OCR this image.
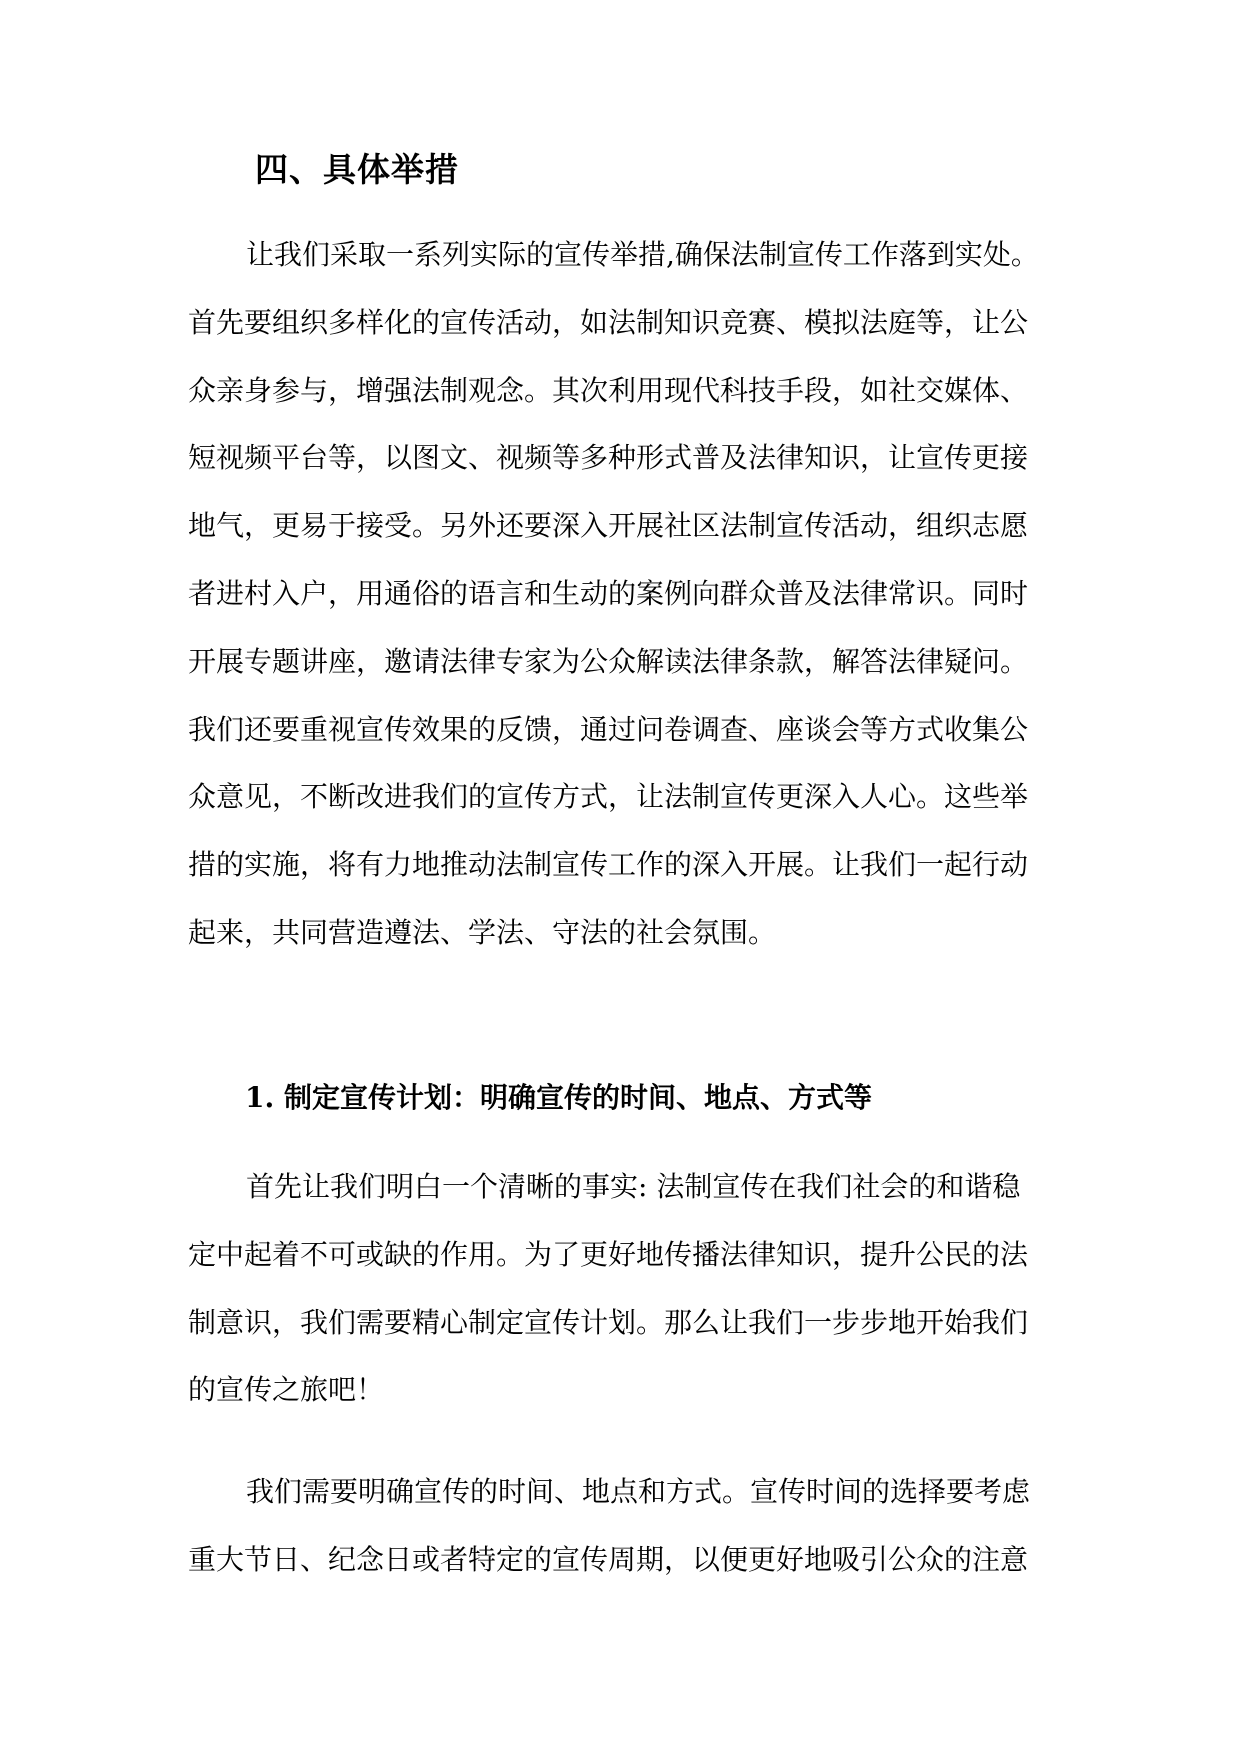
四、具体举措
让我们采取一系列实际的宣传举措,确保法制宣传工作落到实处。
首先要组织多样化的宣传活动，如法制知识竞赛、模拟法庭等，让公
众亲身参与，增强法制观念。其次利用现代科技手段，如社交媒体、
短视频平台等，以图文、视频等多种形式普及法律知识，让宣传更接
地气，更易于接受。另外还要深入开展社区法制宣传活动，组织志愿
者进村入户，用通俗的语言和生动的案例向群众普及法律常识。同时
开展专题讲座，邀请法律专家为公众解读法律条款，解答法律疑问。
我们还要重视宣传效果的反馈，通过问卷调查、座谈会等方式收集公
众意见，不断改进我们的宣传方式，让法制宣传更深入人心。这些举
措的实施，将有力地推动法制宣传工作的深入开展。让我们一起行动
起来，共同营造遵法、学法、守法的社会氛围。
1. 制定宣传计划：明确宣传的时间、地点、方式等
首先让我们明白一个清晰的事实: 法制宣传在我们社会的和谐稳
定中起着不可或缺的作用。为了更好地传播法律知识，提升公民的法
制意识，我们需要精心制定宣传计划。那么让我们一步步地开始我们
的宣传之旅吧！
我们需要明确宣传的时间、地点和方式。宣传时间的选择要考虑
重大节日、纪念日或者特定的宣传周期，以便更好地吸引公众的注意
